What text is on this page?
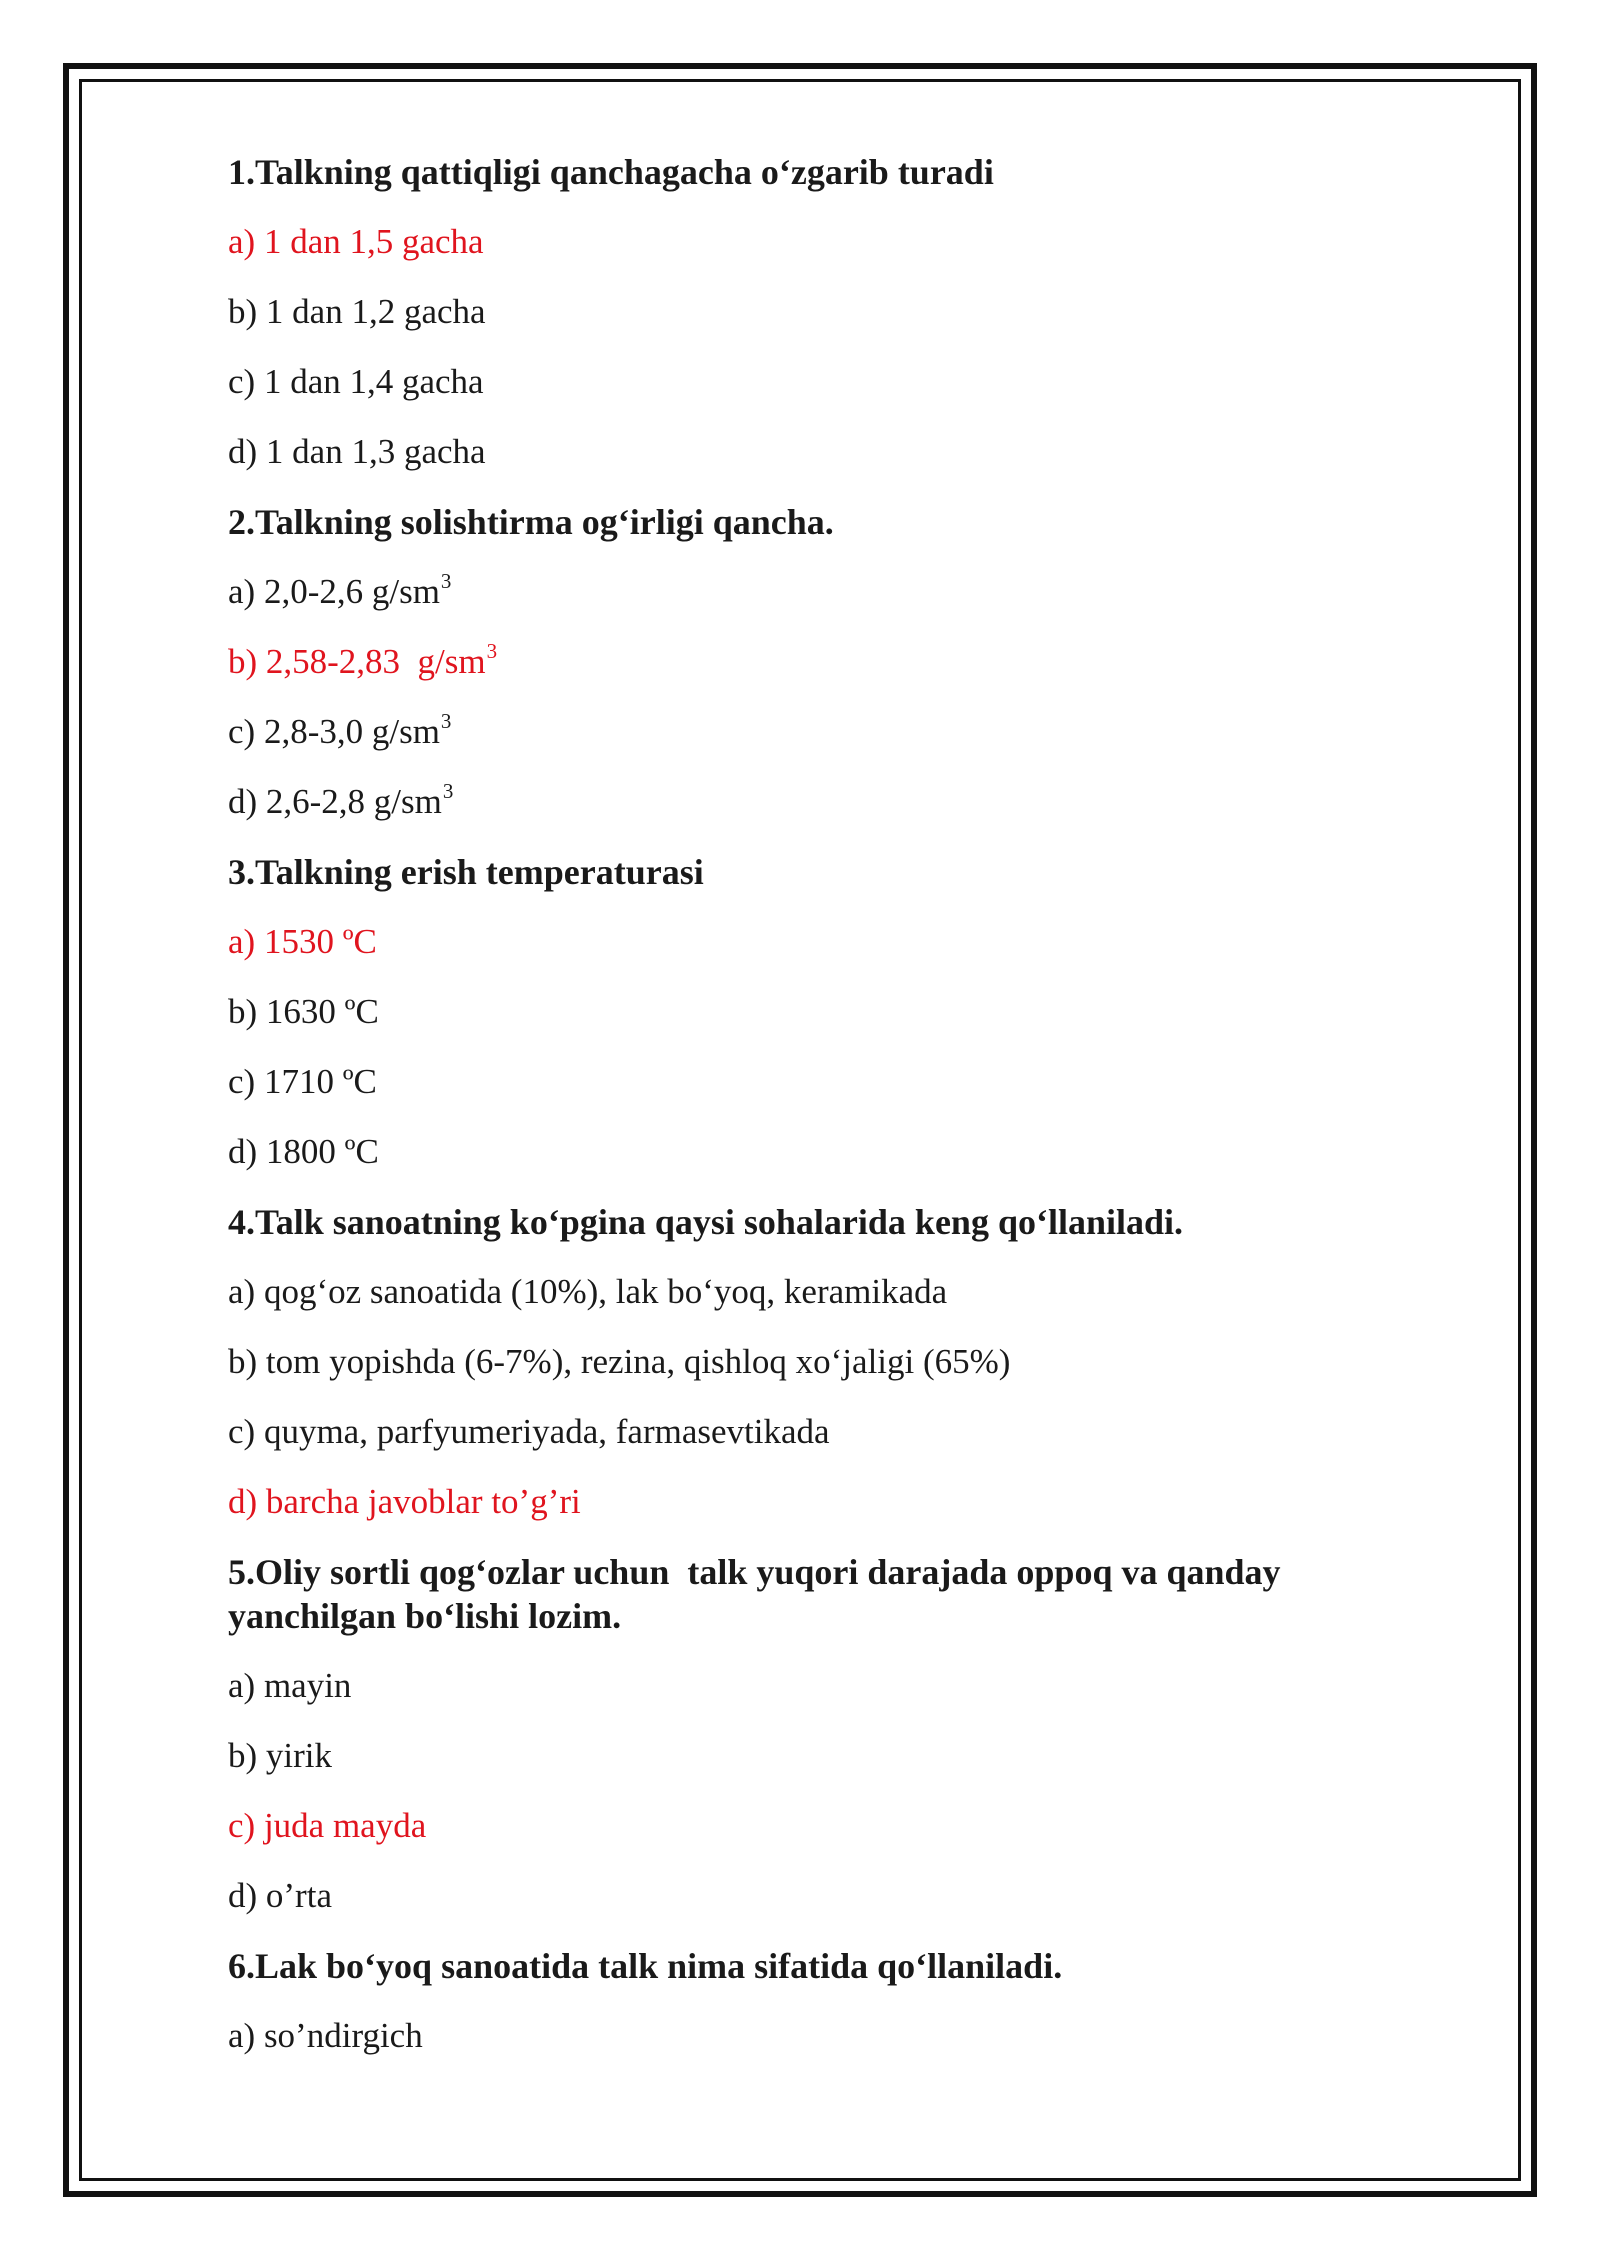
1.Talkning qattiqligi qanchagacha o‘zgarib turadi

a) 1 dan 1,5 gacha

b) 1 dan 1,2 gacha

c) 1 dan 1,4 gacha

d) 1 dan 1,3 gacha

2.Talkning solishtirma og‘irligi qancha.

a) 2,0-2,6 $g/sm^3$

b) 2,58-2,83  $g/sm^3$

c) 2,8-3,0 $g/sm^3$

d) 2,6-2,8 $g/sm^3$

3.Talkning erish temperaturasi

a) 1530 ºC

b) 1630 ºC

c) 1710 ºC

d) 1800 ºC

4.Talk sanoatning ko‘pgina qaysi sohalarida keng qo‘llaniladi.

a) qog‘oz sanoatida (10%), lak bo‘yoq, keramikada

b) tom yopishda (6-7%), rezina, qishloq xo‘jaligi (65%)

c) quyma, parfyumeriyada, farmasevtikada

d) barcha javoblar to’g’ri

5.Oliy sortli qog‘ozlar uchun  talk yuqori darajada oppoq va qanday

yanchilgan bo‘lishi lozim.

a) mayin

b) yirik

c) juda mayda

d) o’rta

6.Lak bo‘yoq sanoatida talk nima sifatida qo‘llaniladi.

a) so’ndirgich
